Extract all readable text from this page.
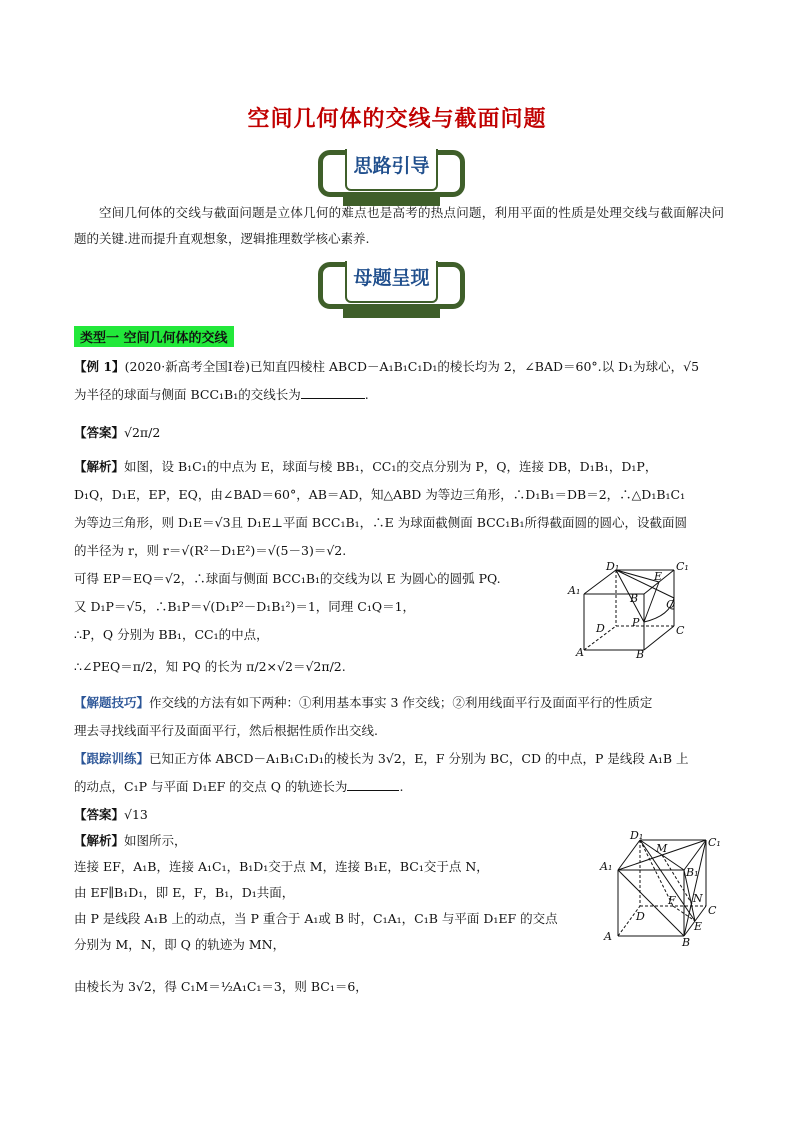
空间几何体的交线与截面问题
思路引导
空间几何体的交线与截面问题是立体几何的难点也是高考的热点问题，利用平面的性质是处理交线与截面解决问题的关键.进而提升直观想象，逻辑推理数学核心素养.
母题呈现
类型一 空间几何体的交线
【例 1】(2020·新高考全国Ⅰ卷)已知直四棱柱 ABCD－A₁B₁C₁D₁的棱长均为 2，∠BAD＝60°.以 D₁为球心，√5
为半径的球面与侧面 BCC₁B₁的交线长为	.
【答案】√2π/2
【解析】如图，设 B₁C₁的中点为 E，球面与棱 BB₁，CC₁的交点分别为 P，Q，连接 DB，D₁B₁，D₁P，
D₁Q，D₁E，EP，EQ，由∠BAD＝60°，AB＝AD，知△ABD 为等边三角形，∴D₁B₁＝DB＝2，∴△D₁B₁C₁
为等边三角形，则 D₁E＝√3且 D₁E⊥平面 BCC₁B₁，∴E 为球面截侧面 BCC₁B₁所得截面圆的圆心，设截面圆
的半径为 r，则 r＝√(R²－D₁E²)＝√(5－3)＝√2.
可得 EP＝EQ＝√2，∴球面与侧面 BCC₁B₁的交线为以 E 为圆心的圆弧 PQ.
又 D₁P＝√5，∴B₁P＝√(D₁P²－D₁B₁²)＝1，同理 C₁Q＝1，
∴P，Q 分别为 BB₁，CC₁的中点，
∴∠PEQ＝π/2，知 PQ 的长为 π/2×√2＝√2π/2.
D₁	C₁
A₁
E
B	Q
D P
C
A	B
【解题技巧】作交线的方法有如下两种：①利用基本事实 3 作交线；②利用线面平行及面面平行的性质定
理去寻找线面平行及面面平行，然后根据性质作出交线.
【跟踪训练】已知正方体 ABCD－A₁B₁C₁D₁的棱长为 3√2，E，F 分别为 BC，CD 的中点，P 是线段 A₁B 上
的动点，C₁P 与平面 D₁EF 的交点 Q 的轨迹长为	.
【答案】√13
【解析】如图所示，
连接 EF，A₁B，连接 A₁C₁，B₁D₁交于点 M，连接 B₁E，BC₁交于点 N，
由 EF∥B₁D₁，即 E，F，B₁，D₁共面，
由 P 是线段 A₁B 上的动点，当 P 重合于 A₁或 B 时，C₁A₁，C₁B 与平面 D₁EF 的交点
分别为 M，N，即 Q 的轨迹为 MN，
由棱长为 3√2，得 C₁M＝½A₁C₁＝3，则 BC₁＝6，
D₁
C₁
M
A₁	B₁
N
D
F
C
E
A	B
